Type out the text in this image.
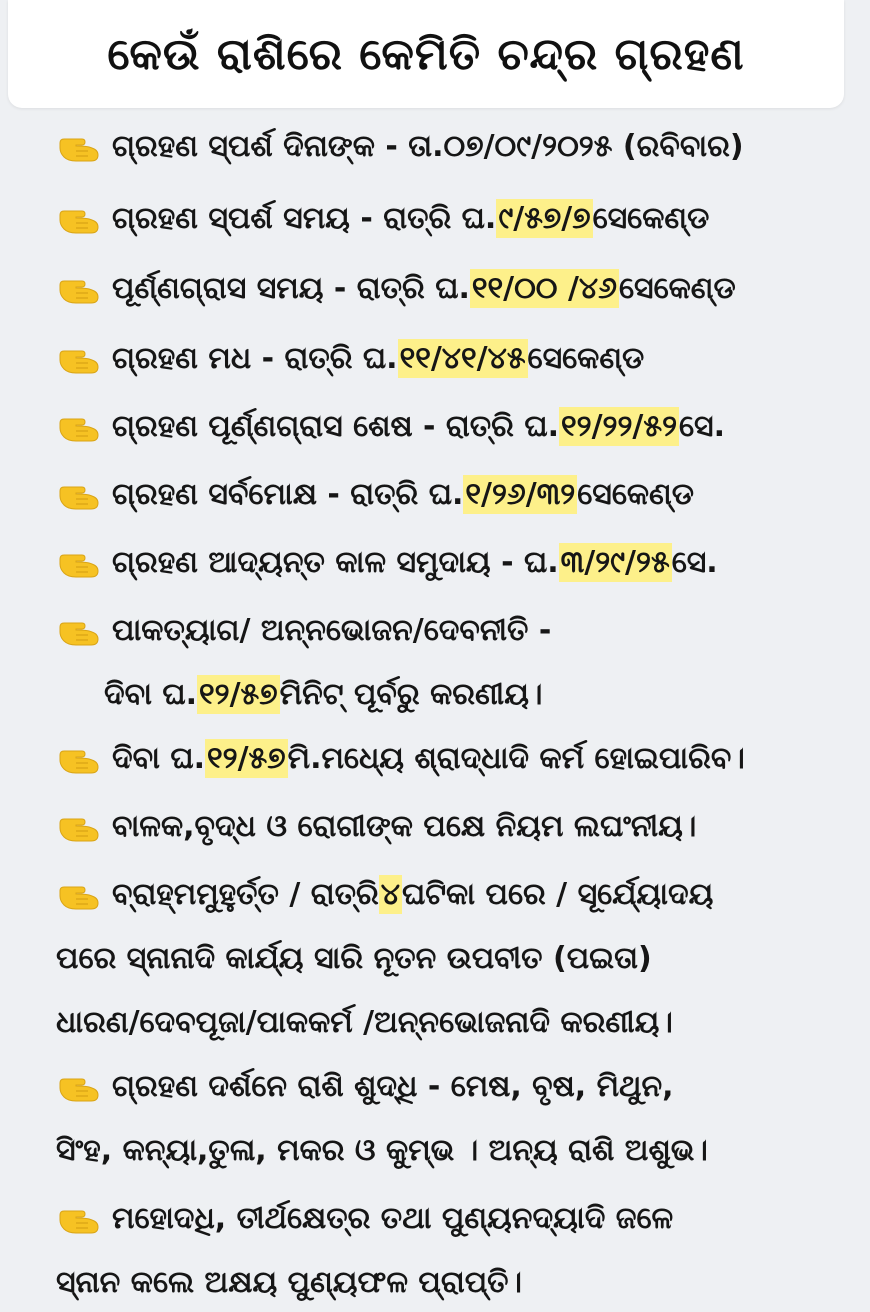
କେଉଁ ରାଶିରେ କେମିତି ଚନ୍ଦ୍ର ଗ୍ରହଣ
ଗ୍ରହଣ ସ୍ପର୍ଶ ଦିନାଙ୍କ - ତା.୦୭/୦୯/୨୦୨୫ (ରବିବାର)
ଗ୍ରହଣ ସ୍ପର୍ଶ ସମୟ - ରାତ୍ରି ଘ. ୯/୫୭/୭ ସେକେଣ୍ଡ
ପୂର୍ଣ୍ଣଗ୍ରାସ ସମୟ - ରାତ୍ରି ଘ. ୧୧/୦୦ /୪୬ ସେକେଣ୍ଡ
ଗ୍ରହଣ ମଧ - ରାତ୍ରି ଘ. ୧୧/୪୧/୪୫ ସେକେଣ୍ଡ
ଗ୍ରହଣ ପୂର୍ଣ୍ଣଗ୍ରାସ ଶେଷ - ରାତ୍ରି ଘ. ୧୨/୨୨/୫୨ ସେ.
ଗ୍ରହଣ ସର୍ବମୋକ୍ଷ - ରାତ୍ରି ଘ. ୧/୨୬/୩୨ ସେକେଣ୍ଡ
ଗ୍ରହଣ ଆଦ୍ୟନ୍ତ କାଳ ସମୁଦାୟ - ଘ. ୩/୨୯/୨୫ ସେ.
ପାକତ୍ୟାଗ/ ଅନ୍ନଭୋଜନ/ଦେବନୀତି -
ଦିବା ଘ. ୧୨/୫୭ ମିନିଟ୍ ପୂର୍ବରୁ କରଣୀୟ।
ଦିବା ଘ. ୧୨/୫୭ ମି.ମଧ୍ୟେ ଶ୍ରାଦ୍ଧାଦି କର୍ମ ହୋଇପାରିବ।
ବାଳକ,ବୃଦ୍ଧ ଓ ରୋଗୀଙ୍କ ପକ୍ଷେ ନିୟମ ଲଘଂନୀୟ।
ବ୍ରାହ୍ମମୁହୁର୍ତ୍ତ / ରାତ୍ରି ୪ ଘଟିକା ପରେ / ସୂର୍ଯ୍ୟୋଦୟ
ପରେ ସ୍ନାନାଦି କାର୍ଯ୍ୟ ସାରି ନୂତନ ଉପବୀତ (ପଇତା)
ଧାରଣ/ଦେବପୂଜା/ପାକକର୍ମ /ଅନ୍ନଭୋଜନାଦି କରଣୀୟ।
ଗ୍ରହଣ ଦର୍ଶନେ ରାଶି ଶୁଦ୍ଧି - ମେଷ, ବୃଷ, ମିଥୁନ,
ସିଂହ, କନ୍ୟା,ତୁଳା, ମକର ଓ କୁମ୍ଭ । ଅନ୍ୟ ରାଶି ଅଶୁଭ।
ମହୋଦଧି, ତୀର୍ଥକ୍ଷେତ୍ର ତଥା ପୁଣ୍ୟନଦ୍ୟାଦି ଜଳେ
ସ୍ନାନ କଲେ ଅକ୍ଷୟ ପୁଣ୍ୟଫଳ ପ୍ରାପ୍ତି।
